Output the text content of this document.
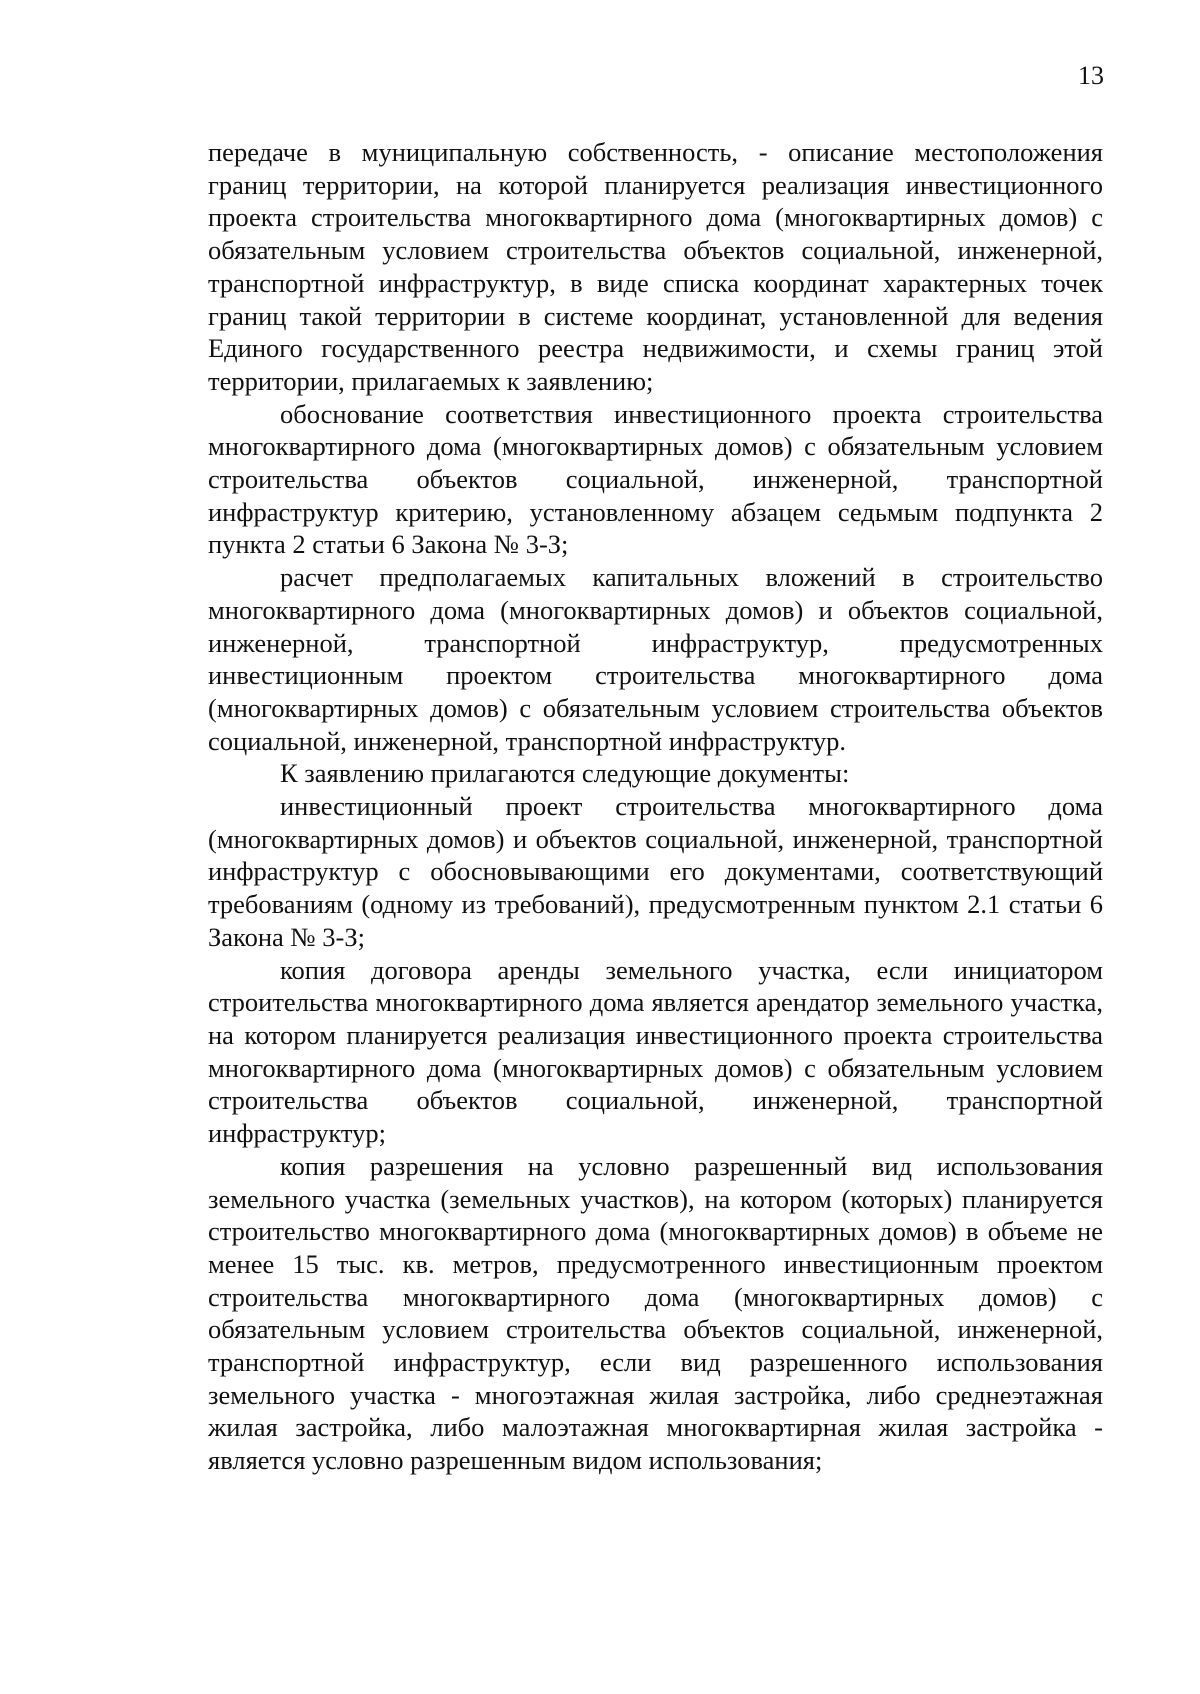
13

передаче в муниципальную собственность, - описание местоположения границ территории, на которой планируется реализация инвестиционного проекта строительства многоквартирного дома (многоквартирных домов) с обязательным условием строительства объектов социальной, инженерной, транспортной инфраструктур, в виде списка координат характерных точек границ такой территории в системе координат, установленной для ведения Единого государственного реестра недвижимости, и схемы границ этой территории, прилагаемых к заявлению;

обоснование соответствия инвестиционного проекта строительства многоквартирного дома (многоквартирных домов) с обязательным условием строительства объектов социальной, инженерной, транспортной инфраструктур критерию, установленному абзацем седьмым подпункта 2 пункта 2 статьи 6 Закона № 3-З;

расчет предполагаемых капитальных вложений в строительство многоквартирного дома (многоквартирных домов) и объектов социальной, инженерной, транспортной инфраструктур, предусмотренных инвестиционным проектом строительства многоквартирного дома (многоквартирных домов) с обязательным условием строительства объектов социальной, инженерной, транспортной инфраструктур.

К заявлению прилагаются следующие документы:

инвестиционный проект строительства многоквартирного дома (многоквартирных домов) и объектов социальной, инженерной, транспортной инфраструктур с обосновывающими его документами, соответствующий требованиям (одному из требований), предусмотренным пунктом 2.1 статьи 6 Закона № 3-З;

копия договора аренды земельного участка, если инициатором строительства многоквартирного дома является арендатор земельного участка, на котором планируется реализация инвестиционного проекта строительства многоквартирного дома (многоквартирных домов) с обязательным условием строительства объектов социальной, инженерной, транспортной инфраструктур;

копия разрешения на условно разрешенный вид использования земельного участка (земельных участков), на котором (которых) планируется строительство многоквартирного дома (многоквартирных домов) в объеме не менее 15 тыс. кв. метров, предусмотренного инвестиционным проектом строительства многоквартирного дома (многоквартирных домов) с обязательным условием строительства объектов социальной, инженерной, транспортной инфраструктур, если вид разрешенного использования земельного участка - многоэтажная жилая застройка, либо среднеэтажная жилая застройка, либо малоэтажная многоквартирная жилая застройка - является условно разрешенным видом использования;
